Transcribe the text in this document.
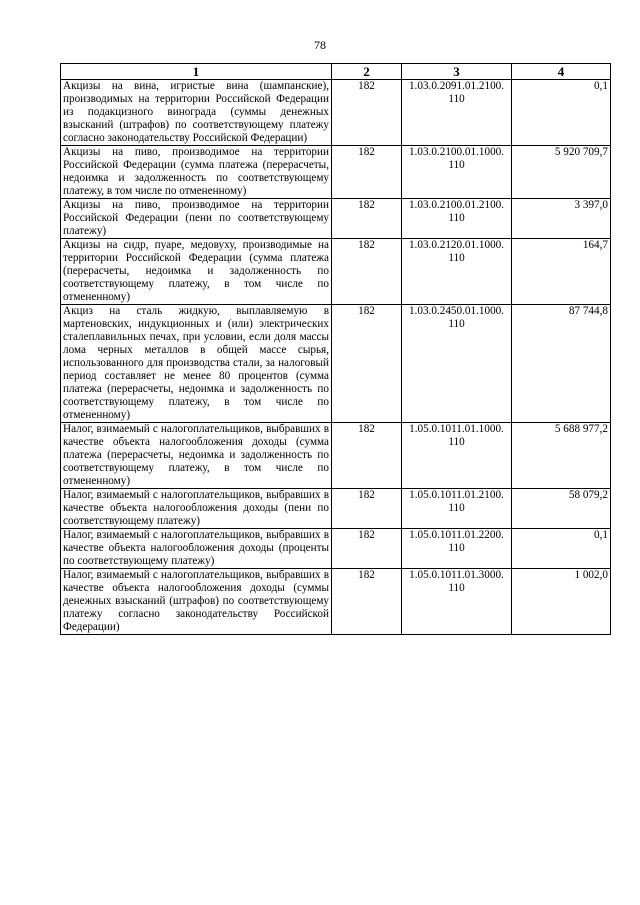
78
1	2	3	4
Акцизы на вина, игристые вина (шампанские), производимых на территории Российской Федерации из подакцизного винограда (суммы денежных взысканий (штрафов) по соответствующему платежу согласно законодательству Российской Федерации)	182	1.03.0.2091.01.2100. 110	0,1
Акцизы на пиво, производимое на территории Российской Федерации (сумма платежа (перерасчеты, недоимка и задолженность по соответствующему платежу, в том числе по отмененному)	182	1.03.0.2100.01.1000. 110	5 920 709,7
Акцизы на пиво, производимое на территории Российской Федерации (пени по соответствующему платежу)	182	1.03.0.2100.01.2100. 110	3 397,0
Акцизы на сидр, пуаре, медовуху, производимые на территории Российской Федерации (сумма платежа (перерасчеты, недоимка и задолженность по соответствующему платежу, в том числе по отмененному)	182	1.03.0.2120.01.1000. 110	164,7
Акциз на сталь жидкую, выплавляемую в мартеновских, индукционных и (или) электрических сталеплавильных печах, при условии, если доля массы лома черных металлов в общей массе сырья, использованного для производства стали, за налоговый период составляет не менее 80 процентов (сумма платежа (перерасчеты, недоимка и задолженность по соответствующему платежу, в том числе по отмененному)	182	1.03.0.2450.01.1000. 110	87 744,8
Налог, взимаемый с налогоплательщиков, выбравших в качестве объекта налогообложения доходы (сумма платежа (перерасчеты, недоимка и задолженность по соответствующему платежу, в том числе по отмененному)	182	1.05.0.1011.01.1000. 110	5 688 977,2
Налог, взимаемый с налогоплательщиков, выбравших в качестве объекта налогообложения доходы (пени по соответствующему платежу)	182	1.05.0.1011.01.2100. 110	58 079,2
Налог, взимаемый с налогоплательщиков, выбравших в качестве объекта налогообложения доходы (проценты по соответствующему платежу)	182	1.05.0.1011.01.2200. 110	0,1
Налог, взимаемый с налогоплательщиков, выбравших в качестве объекта налогообложения доходы (суммы денежных взысканий (штрафов) по соответствующему платежу согласно законодательству Российской Федерации)	182	1.05.0.1011.01.3000. 110	1 002,0
